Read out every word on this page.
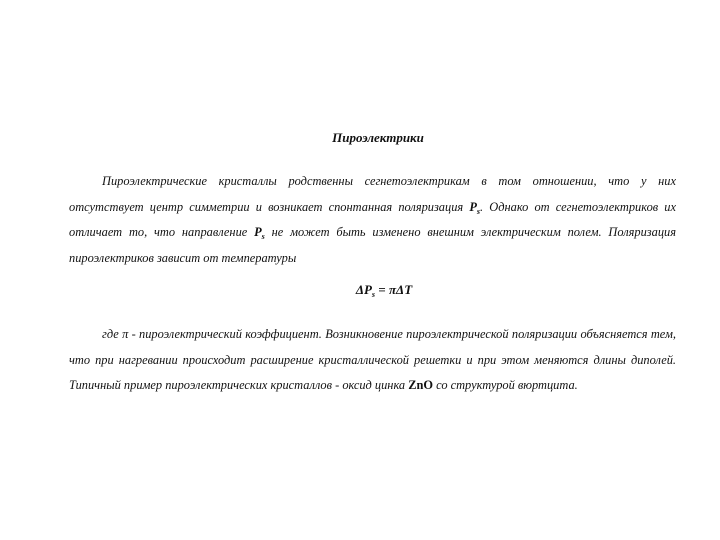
Пироэлектрики

Пироэлектрические кристаллы родственны сегнетоэлектрикам в том отношении, что у них отсутствует центр симметрии и возникает спонтанная поляризация $P_s$. Однако от сегнетоэлектриков их отличает то, что направление $P_s$ не может быть изменено внешним электрическим полем. Поляризация пироэлектриков зависит от температуры

$\Delta P_s = \pi\Delta T$

где π - пироэлектрический коэффициент. Возникновение пироэлектрической поляризации объясняется тем, что при нагревании происходит расширение кристаллической решетки и при этом меняются длины диполей. Типичный пример пироэлектрических кристаллов - оксид цинка ZnO со структурой вюртцита.
